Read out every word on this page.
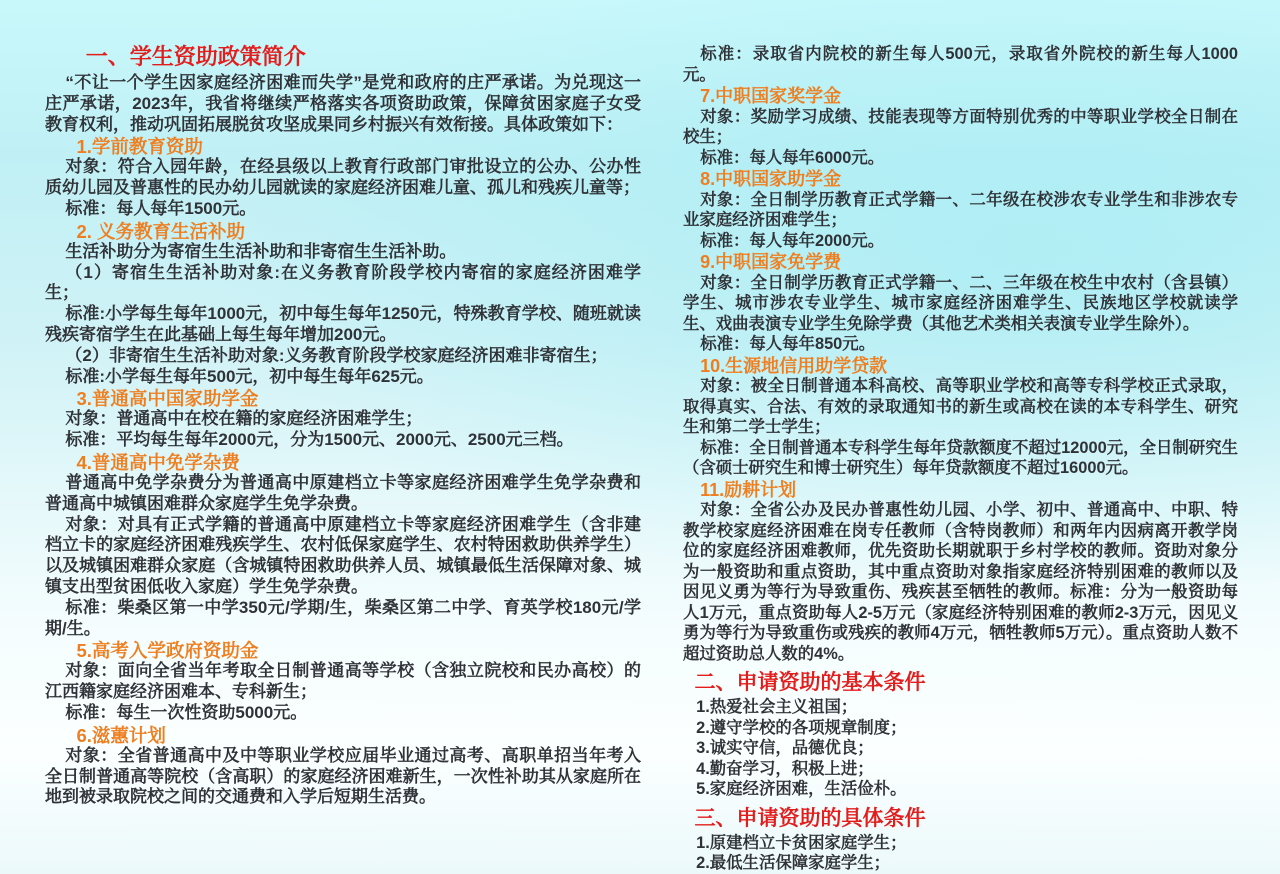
一、学生资助政策简介
“不让一个学生因家庭经济困难而失学”是党和政府的庄严承诺。为兑现这一庄严承诺，2023年，我省将继续严格落实各项资助政策，保障贫困家庭子女受教育权利，推动巩固拓展脱贫攻坚成果同乡村振兴有效衔接。具体政策如下：
1.学前教育资助
对象：符合入园年龄，在经县级以上教育行政部门审批设立的公办、公办性质幼儿园及普惠性的民办幼儿园就读的家庭经济困难儿童、孤儿和残疾儿童等；
标准：每人每年1500元。
2. 义务教育生活补助
生活补助分为寄宿生生活补助和非寄宿生生活补助。
（1）寄宿生生活补助对象:在义务教育阶段学校内寄宿的家庭经济困难学生；
标准:小学每生每年1000元，初中每生每年1250元，特殊教育学校、随班就读残疾寄宿学生在此基础上每生每年增加200元。
（2）非寄宿生生活补助对象:义务教育阶段学校家庭经济困难非寄宿生；
标准:小学每生每年500元，初中每生每年625元。
3.普通高中国家助学金
对象：普通高中在校在籍的家庭经济困难学生；
标准：平均每生每年2000元，分为1500元、2000元、2500元三档。
4.普通高中免学杂费
普通高中免学杂费分为普通高中原建档立卡等家庭经济困难学生免学杂费和普通高中城镇困难群众家庭学生免学杂费。
对象：对具有正式学籍的普通高中原建档立卡等家庭经济困难学生（含非建档立卡的家庭经济困难残疾学生、农村低保家庭学生、农村特困救助供养学生）以及城镇困难群众家庭（含城镇特困救助供养人员、城镇最低生活保障对象、城镇支出型贫困低收入家庭）学生免学杂费。
标准：柴桑区第一中学350元/学期/生，柴桑区第二中学、育英学校180元/学期/生。
5.高考入学政府资助金
对象：面向全省当年考取全日制普通高等学校（含独立院校和民办高校）的江西籍家庭经济困难本、专科新生；
标准：每生一次性资助5000元。
6.滋蕙计划
对象：全省普通高中及中等职业学校应届毕业通过高考、高职单招当年考入全日制普通高等院校（含高职）的家庭经济困难新生，一次性补助其从家庭所在地到被录取院校之间的交通费和入学后短期生活费。
标准：录取省内院校的新生每人500元，录取省外院校的新生每人1000元。
7.中职国家奖学金
对象：奖励学习成绩、技能表现等方面特别优秀的中等职业学校全日制在校生；
标准：每人每年6000元。
8.中职国家助学金
对象：全日制学历教育正式学籍一、二年级在校涉农专业学生和非涉农专业家庭经济困难学生；
标准：每人每年2000元。
9.中职国家免学费
对象：全日制学历教育正式学籍一、二、三年级在校生中农村（含县镇）学生、城市涉农专业学生、城市家庭经济困难学生、民族地区学校就读学生、戏曲表演专业学生免除学费（其他艺术类相关表演专业学生除外）。
标准：每人每年850元。
10.生源地信用助学贷款
对象：被全日制普通本科高校、高等职业学校和高等专科学校正式录取，取得真实、合法、有效的录取通知书的新生或高校在读的本专科学生、研究生和第二学士学生；
标准：全日制普通本专科学生每年贷款额度不超过12000元，全日制研究生（含硕士研究生和博士研究生）每年贷款额度不超过16000元。
11.励耕计划
对象：全省公办及民办普惠性幼儿园、小学、初中、普通高中、中职、特教学校家庭经济困难在岗专任教师（含特岗教师）和两年内因病离开教学岗位的家庭经济困难教师，优先资助长期就职于乡村学校的教师。资助对象分为一般资助和重点资助，其中重点资助对象指家庭经济特别困难的教师以及因见义勇为等行为导致重伤、残疾甚至牺牲的教师。标准：分为一般资助每人1万元，重点资助每人2-5万元（家庭经济特别困难的教师2-3万元，因见义勇为等行为导致重伤或残疾的教师4万元，牺牲教师5万元）。重点资助人数不超过资助总人数的4%。
二、申请资助的基本条件
1.热爱社会主义祖国；
2.遵守学校的各项规章制度；
3.诚实守信，品德优良；
4.勤奋学习，积极上进；
5.家庭经济困难，生活俭朴。
三、申请资助的具体条件
1.原建档立卡贫困家庭学生；
2.最低生活保障家庭学生；
